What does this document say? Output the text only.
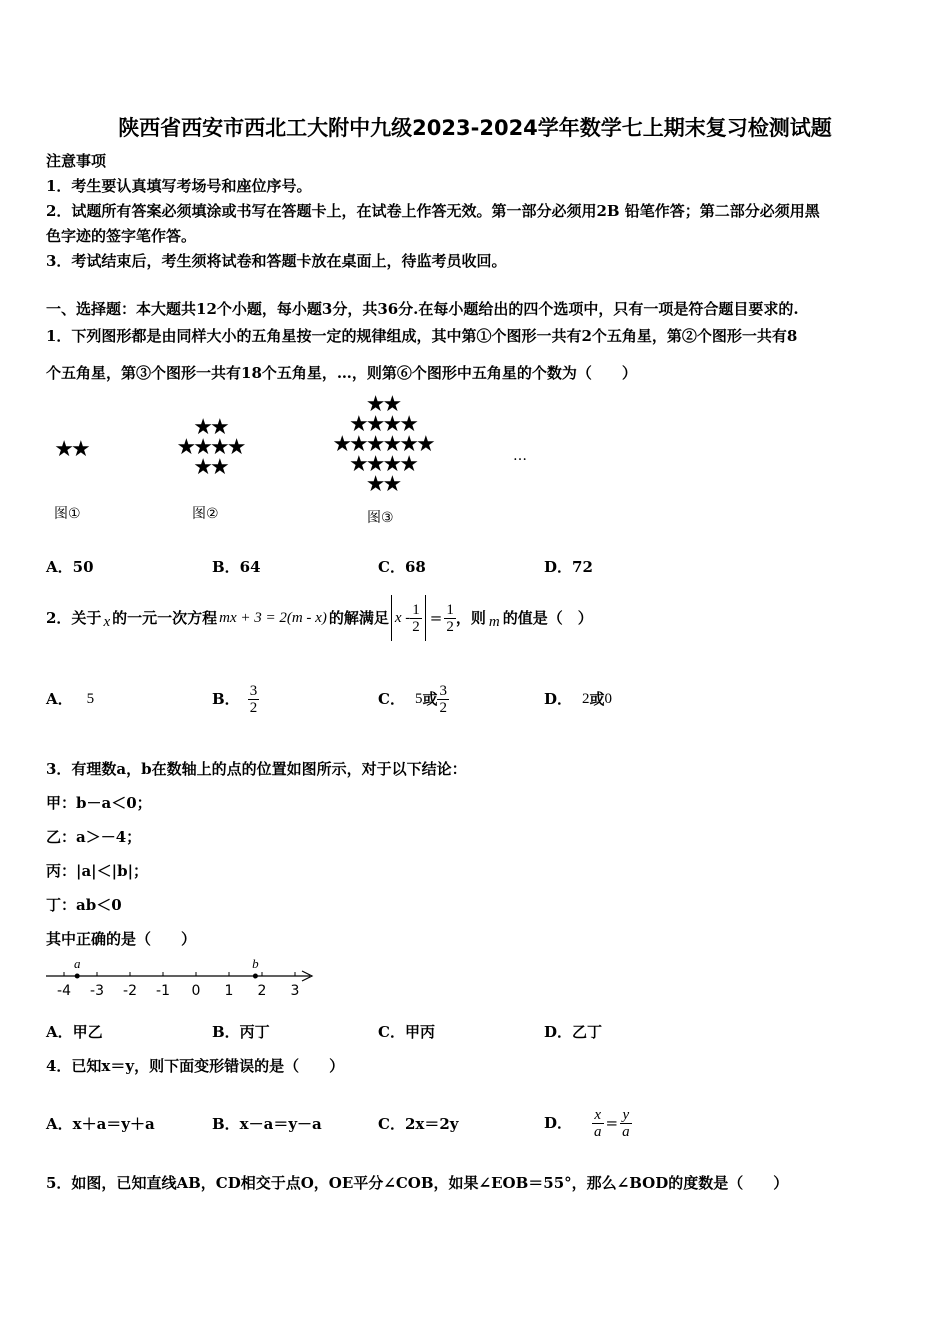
陕西省西安市西北工大附中九级2023-2024学年数学七上期末复习检测试题
注意事项
1．考生要认真填写考场号和座位序号。
2．试题所有答案必须填涂或书写在答题卡上，在试卷上作答无效。第一部分必须用2B 铅笔作答；第二部分必须用黑
色字迹的签字笔作答。
3．考试结束后，考生须将试卷和答题卡放在桌面上，待监考员收回。
一、选择题：本大题共12个小题，每小题3分，共36分.在每小题给出的四个选项中，只有一项是符合题目要求的.
1．下列图形都是由同样大小的五角星按一定的规律组成，其中第①个图形一共有2个五角星，第②个图形一共有8
个五角星，第③个图形一共有18个五角星，…，则第⑥个图形中五角星的个数为（　　）
★★
★★
★★★★
★★
★★
★★★★
★★★★★★
★★★★
★★
…
图①	图②	图③
A．50	B．64	C．68	D．72
2．关于 x 的一元一次方程 mx + 3 = 2(m - x) 的解满足 $x - \frac{1}{2} = \frac{1}{2}$ ，则 m 的值是（　）
A． 5	B． $\frac{3}{2}$	C． 5 或 $\frac{3}{2}$	D． 2 或 0
3．有理数a，b在数轴上的点的位置如图所示，对于以下结论：
甲：b－a＜0；
乙：a＞－4；
丙：|a|＜|b|；
丁：ab＜0
其中正确的是（　　）
-4 -3 -2 -1 0 1 2 3
a	b
A．甲乙	B．丙丁	C．甲丙	D．乙丁
4．已知x＝y，则下面变形错误的是（　　）
A．x＋a＝y＋a	B．x－a＝y－a	C．2x＝2y	D． $\frac{x}{a} = \frac{y}{a}$
5．如图，已知直线AB，CD相交于点O，OE平分∠COB，如果∠EOB＝55°，那么∠BOD的度数是（　　）
